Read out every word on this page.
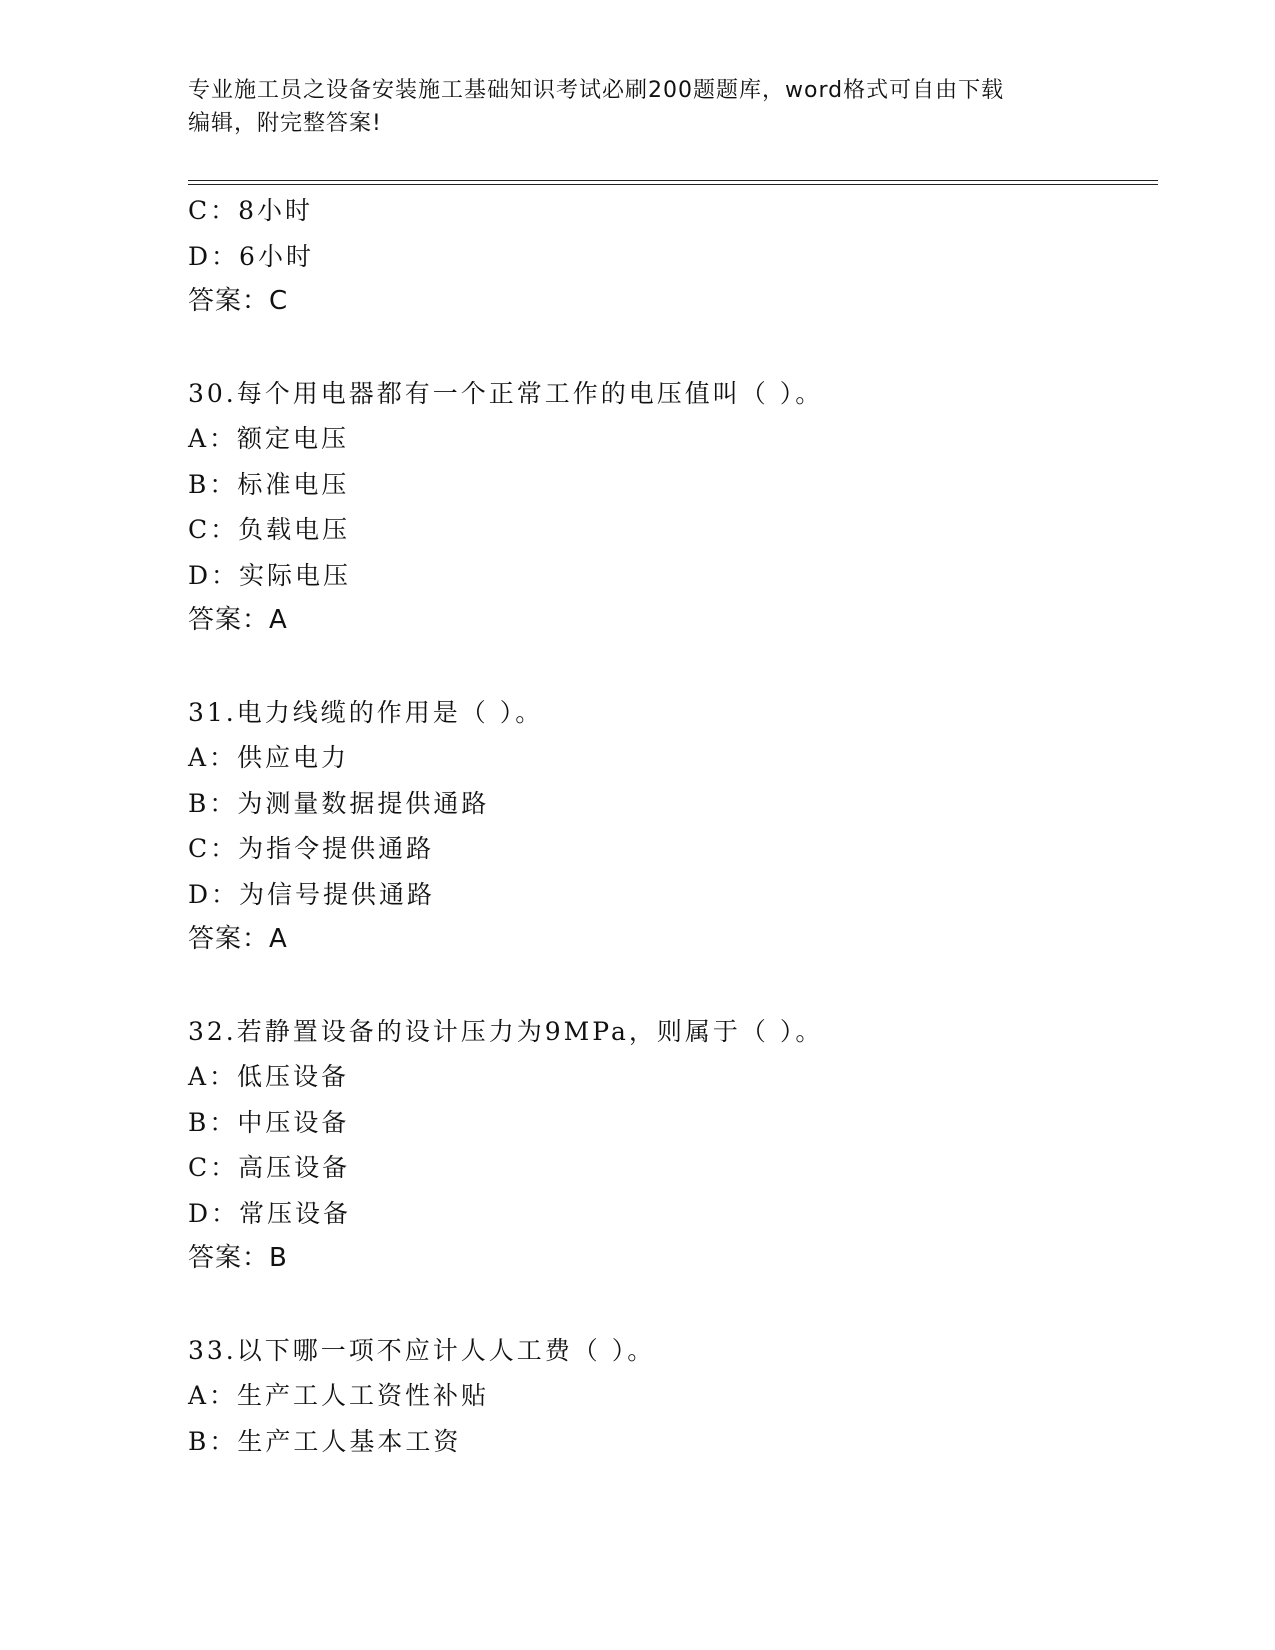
专业施工员之设备安装施工基础知识考试必刷200题题库，word格式可自由下载
编辑，附完整答案!
C：8小时
D：6小时
答案：C
30.每个用电器都有一个正常工作的电压值叫（ ）。
A：额定电压
B：标准电压
C：负载电压
D：实际电压
答案：A
31.电力线缆的作用是（ ）。
A：供应电力
B：为测量数据提供通路
C：为指令提供通路
D：为信号提供通路
答案：A
32.若静置设备的设计压力为9MPa，则属于（ ）。
A：低压设备
B：中压设备
C：高压设备
D：常压设备
答案：B
33.以下哪一项不应计人人工费（ ）。
A：生产工人工资性补贴
B：生产工人基本工资
